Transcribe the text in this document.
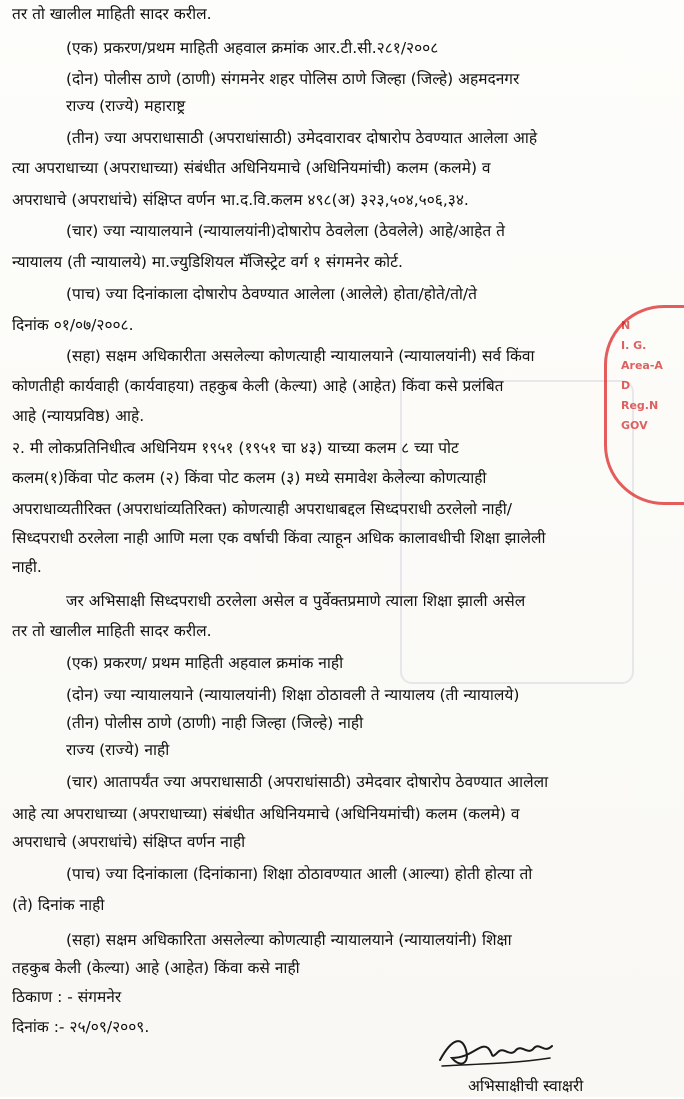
N
I. G.
Area-A
D
Reg.N
GOV
तर तो खालील माहिती सादर करील.
(एक) प्रकरण/प्रथम माहिती अहवाल क्रमांक आर.टी.सी.२८१/२००८
(दोन) पोलीस ठाणे (ठाणी) संगमनेर शहर पोलिस ठाणे जिल्हा (जिल्हे) अहमदनगर
राज्य (राज्ये) महाराष्ट्र
(तीन) ज्या अपराधासाठी (अपराधांसाठी) उमेदवारावर दोषारोप ठेवण्यात आलेला आहे
त्या अपराधाच्या (अपराधाच्या) संबंधीत अधिनियमाचे (अधिनियमांची) कलम (कलमे) व
अपराधाचे (अपराधांचे) संक्षिप्त वर्णन भा.द.वि.कलम ४९८(अ) ३२३,५०४,५०६,३४.
(चार) ज्या न्यायालयाने (न्यायालयांनी)दोषारोप ठेवलेला (ठेवलेले) आहे/आहेत ते
न्यायालय (ती न्यायालये) मा.ज्युडिशियल मॅजिस्ट्रेट वर्ग १ संगमनेर कोर्ट.
(पाच) ज्या दिनांकाला दोषारोप ठेवण्यात आलेला (आलेले) होता/होते/तो/ते
दिनांक ०१/०७/२००८.
(सहा) सक्षम अधिकारीता असलेल्या कोणत्याही न्यायालयाने (न्यायालयांनी) सर्व किंवा
कोणतीही कार्यवाही (कार्यवाहया) तहकुब केली (केल्या) आहे (आहेत) किंवा कसे प्रलंबित
आहे (न्यायप्रविष्ठ) आहे.
२. मी लोकप्रतिनिधीत्व अधिनियम १९५१ (१९५१ चा ४३) याच्या कलम ८ च्या पोट
कलम(१)किंवा पोट कलम (२) किंवा पोट कलम (३) मध्ये समावेश केलेल्या कोणत्याही
अपराधाव्यतीरिक्त (अपराधांव्यतिरिक्त) कोणत्याही अपराधाबद्दल सिध्दपराधी ठरलेलो नाही/
सिध्दपराधी ठरलेला नाही आणि मला एक वर्षाची किंवा त्याहून अधिक कालावधीची शिक्षा झालेली
नाही.
जर अभिसाक्षी सिध्दपराधी ठरलेला असेल व पुर्वेक्तप्रमाणे त्याला शिक्षा झाली असेल
तर तो खालील माहिती सादर करील.
(एक) प्रकरण/ प्रथम माहिती अहवाल क्रमांक नाही
(दोन) ज्या न्यायालयाने (न्यायालयांनी) शिक्षा ठोठावली ते न्यायालय (ती न्यायालये)
(तीन) पोलीस ठाणे (ठाणी) नाही जिल्हा (जिल्हे) नाही
राज्य (राज्ये) नाही
(चार) आतापर्यंत ज्या अपराधासाठी (अपराधांसाठी) उमेदवार दोषारोप ठेवण्यात आलेला
आहे त्या अपराधाच्या (अपराधाच्या) संबंधीत अधिनियमाचे (अधिनियमांची) कलम (कलमे) व
अपराधाचे (अपराधांचे) संक्षिप्त वर्णन नाही
(पाच) ज्या दिनांकाला (दिनांकाना) शिक्षा ठोठावण्यात आली (आल्या) होती होत्या तो
(ते) दिनांक नाही
(सहा) सक्षम अधिकारिता असलेल्या कोणत्याही न्यायालयाने (न्यायालयांनी) शिक्षा
तहकुब केली (केल्या) आहे (आहेत) किंवा कसे नाही
ठिकाण : - संगमनेर
दिनांक :- २५/०९/२००९.
अभिसाक्षीची स्वाक्षरी
